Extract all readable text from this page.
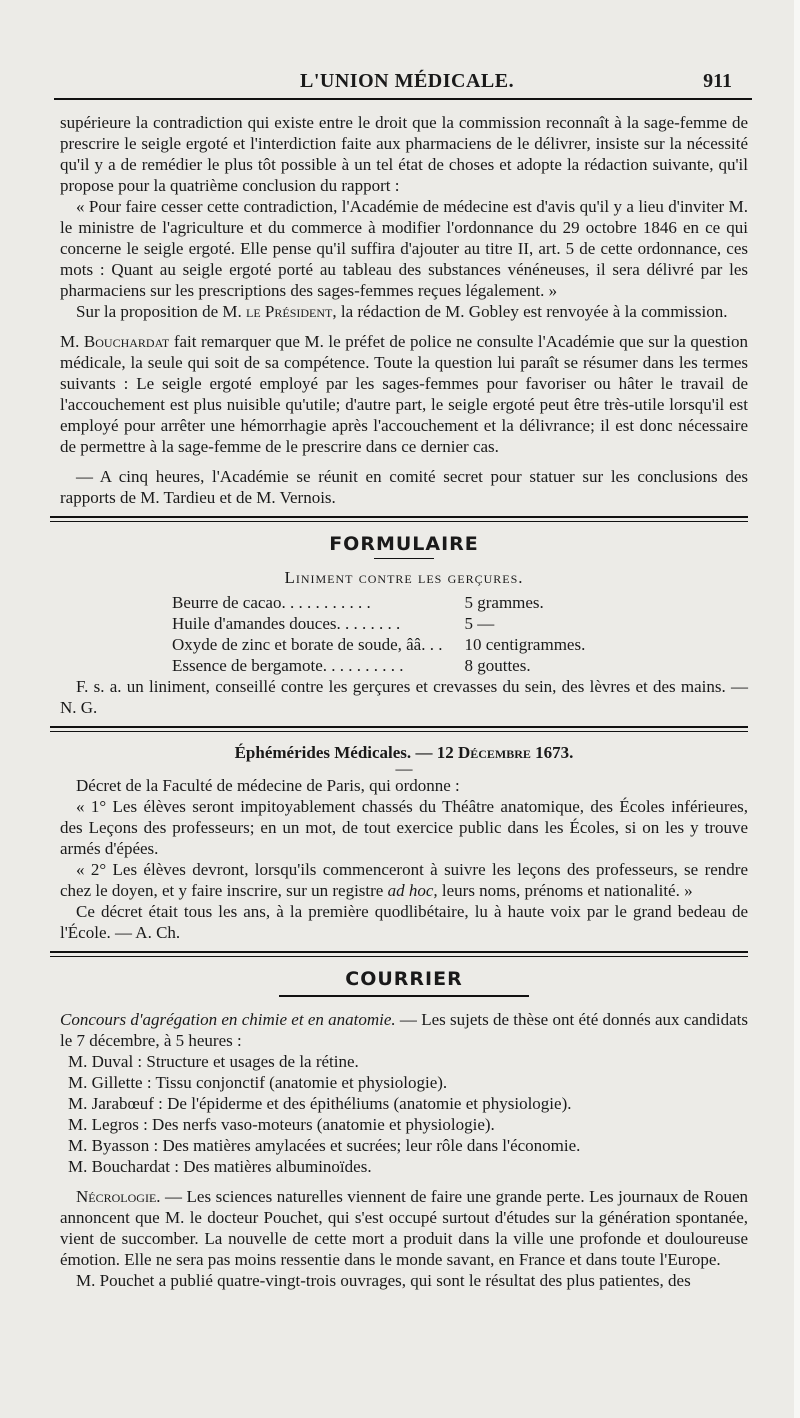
L'UNION MÉDICALE.	911

supérieure la contradiction qui existe entre le droit que la commission reconnaît à la sage-femme de prescrire le seigle ergoté et l'interdiction faite aux pharmaciens de le délivrer, insiste sur la nécessité qu'il y a de remédier le plus tôt possible à un tel état de choses et adopte la rédaction suivante, qu'il propose pour la quatrième conclusion du rapport :

« Pour faire cesser cette contradiction, l'Académie de médecine est d'avis qu'il y a lieu d'inviter M. le ministre de l'agriculture et du commerce à modifier l'ordonnance du 29 octobre 1846 en ce qui concerne le seigle ergoté. Elle pense qu'il suffira d'ajouter au titre II, art. 5 de cette ordonnance, ces mots : Quant au seigle ergoté porté au tableau des substances vénéneuses, il sera délivré par les pharmaciens sur les prescriptions des sages-femmes reçues légalement. »

Sur la proposition de M. le Président, la rédaction de M. Gobley est renvoyée à la commission.

M. Bouchardat fait remarquer que M. le préfet de police ne consulte l'Académie que sur la question médicale, la seule qui soit de sa compétence. Toute la question lui paraît se résumer dans les termes suivants : Le seigle ergoté employé par les sages-femmes pour favoriser ou hâter le travail de l'accouchement est plus nuisible qu'utile; d'autre part, le seigle ergoté peut être très-utile lorsqu'il est employé pour arrêter une hémorrhagie après l'accouchement et la délivrance; il est donc nécessaire de permettre à la sage-femme de le prescrire dans ce dernier cas.

— A cinq heures, l'Académie se réunit en comité secret pour statuer sur les conclusions des rapports de M. Tardieu et de M. Vernois.

FORMULAIRE
Liniment contre les gerçures.
Beurre de cacao. . . . . . . . . . .	5 grammes.
Huile d'amandes douces. . . . . . . .	5 —
Oxyde de zinc et borate de soude, ââ. . .	10 centigrammes.
Essence de bergamote. . . . . . . . . .	8 gouttes.

F. s. a. un liniment, conseillé contre les gerçures et crevasses du sein, des lèvres et des mains. — N. G.

Éphémérides Médicales. — 12 Décembre 1673.

—

Décret de la Faculté de médecine de Paris, qui ordonne :

« 1° Les élèves seront impitoyablement chassés du Théâtre anatomique, des Écoles inférieures, des Leçons des professeurs; en un mot, de tout exercice public dans les Écoles, si on les y trouve armés d'épées.

« 2° Les élèves devront, lorsqu'ils commenceront à suivre les leçons des professeurs, se rendre chez le doyen, et y faire inscrire, sur un registre ad hoc, leurs noms, prénoms et nationalité. »

Ce décret était tous les ans, à la première quodlibétaire, lu à haute voix par le grand bedeau de l'École. — A. Ch.

COURRIER

Concours d'agrégation en chimie et en anatomie. — Les sujets de thèse ont été donnés aux candidats le 7 décembre, à 5 heures :

M. Duval : Structure et usages de la rétine.

M. Gillette : Tissu conjonctif (anatomie et physiologie).

M. Jarabœuf : De l'épiderme et des épithéliums (anatomie et physiologie).

M. Legros : Des nerfs vaso-moteurs (anatomie et physiologie).

M. Byasson : Des matières amylacées et sucrées; leur rôle dans l'économie.

M. Bouchardat : Des matières albuminoïdes.

Nécrologie. — Les sciences naturelles viennent de faire une grande perte. Les journaux de Rouen annoncent que M. le docteur Pouchet, qui s'est occupé surtout d'études sur la génération spontanée, vient de succomber. La nouvelle de cette mort a produit dans la ville une profonde et douloureuse émotion. Elle ne sera pas moins ressentie dans le monde savant, en France et dans toute l'Europe.

M. Pouchet a publié quatre-vingt-trois ouvrages, qui sont le résultat des plus patientes, des
